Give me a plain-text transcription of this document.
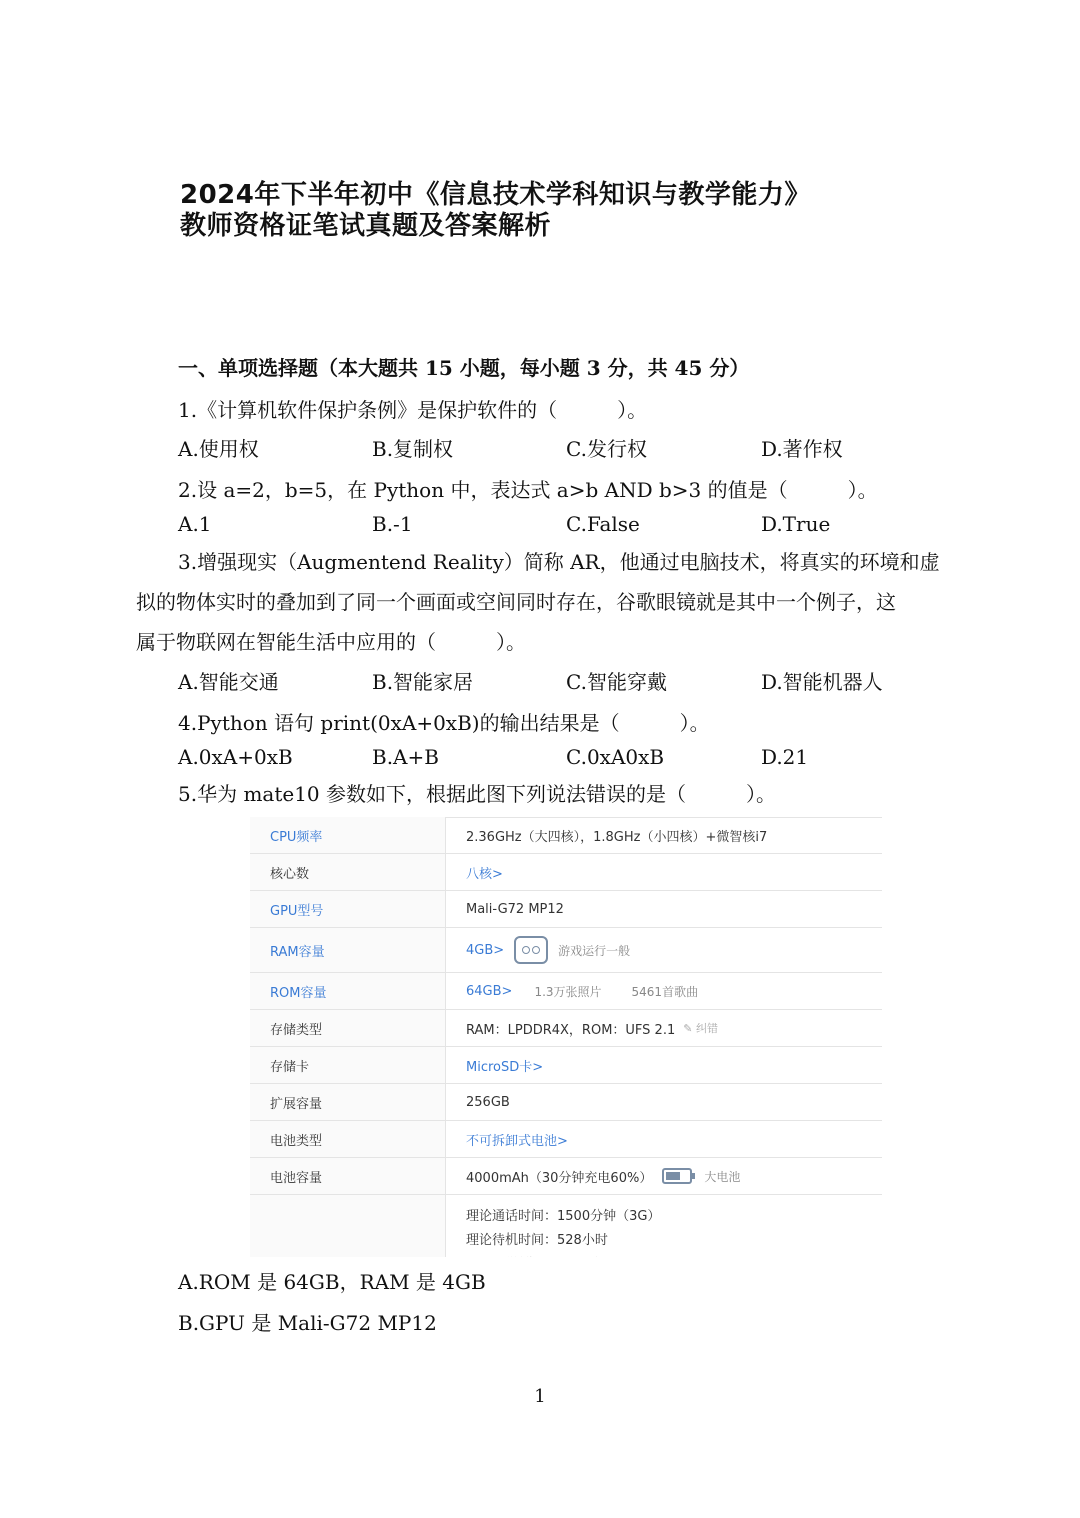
2024年下半年初中《信息技术学科知识与教学能力》
教师资格证笔试真题及答案解析
一、单项选择题（本大题共 15 小题，每小题 3 分，共 45 分）
1.《计算机软件保护条例》是保护软件的（　　　）。
A.使用权	B.复制权	C.发行权	D.著作权
2.设 a=2，b=5，在 Python 中，表达式 a>b AND b>3 的值是（　　　）。
A.1	B.-1	C.False	D.True
3.增强现实（Augmentend Reality）简称 AR，他通过电脑技术，将真实的环境和虚
拟的物体实时的叠加到了同一个画面或空间同时存在，谷歌眼镜就是其中一个例子，这
属于物联网在智能生活中应用的（　　　）。
A.智能交通	B.智能家居	C.智能穿戴	D.智能机器人
4.Python 语句 print(0xA+0xB)的输出结果是（　　　）。
A.0xA+0xB	B.A+B	C.0xA0xB	D.21
5.华为 mate10 参数如下，根据此图下列说法错误的是（　　　）。
CPU频率	2.36GHz（大四核），1.8GHz（小四核）+微智核i7
核心数	八核>
GPU型号	Mali-G72 MP12
RAM容量	4GB>	游戏运行一般
ROM容量	64GB> 1.3万张照片	5461首歌曲
存储类型	RAM：LPDDR4X，ROM：UFS 2.1 ✎ 纠错
存储卡	MicroSD卡>
扩展容量	256GB
电池类型	不可拆卸式电池>
电池容量	4000mAh（30分钟充电60%）	大电池
理论通话时间：1500分钟（3G）
理论待机时间：528小时
A.ROM 是 64GB，RAM 是 4GB
B.GPU 是 Mali-G72 MP12
1
